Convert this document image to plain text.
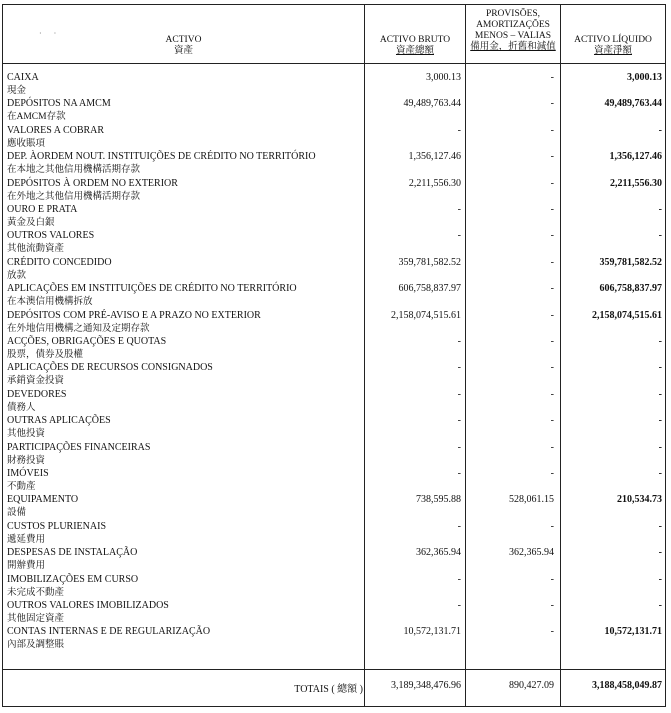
·      ·
ACTIVO
資產
ACTIVO BRUTO
資產總額
PROVISÕES,
AMORTIZAÇÕES
MENOS – VALIAS
備用金，折舊和減值
ACTIVO LÍQUIDO
資產淨額
CAIXA
現金
3,000.13	-	3,000.13
DEPÓSITOS NA AMCM
在AMCM存款
49,489,763.44	-	49,489,763.44
VALORES A COBRAR
應收賬項
-	-	-
DEP. ÀORDEM NOUT. INSTITUIÇÕES DE CRÉDITO NO TERRITÓRIO
在本地之其他信用機構活期存款
1,356,127.46	-	1,356,127.46
DEPÓSITOS À ORDEM NO EXTERIOR
在外地之其他信用機構活期存款
2,211,556.30	-	2,211,556.30
OURO E PRATA
黃金及白銀
-	-	-
OUTROS VALORES
其他流動資產
-	-	-
CRÉDITO CONCEDIDO
放款
359,781,582.52	-	359,781,582.52
APLICAÇÕES EM INSTITUIÇÕES DE CRÉDITO NO TERRITÓRIO
在本澳信用機構拆放
606,758,837.97	-	606,758,837.97
DEPÓSITOS COM PRÉ-AVISO E A PRAZO NO EXTERIOR
在外地信用機構之通知及定期存款
2,158,074,515.61	-	2,158,074,515.61
ACÇÕES, OBRIGAÇÕES E QUOTAS
股票，債券及股權
-	-	-
APLICAÇÕES DE RECURSOS CONSIGNADOS
承銷資金投資
-	-	-
DEVEDORES
債務人
-	-	-
OUTRAS APLICAÇÕES
其他投資
-	-	-
PARTICIPAÇÕES FINANCEIRAS
財務投資
-	-	-
IMÓVEIS
不動產
-	-	-
EQUIPAMENTO
設備
738,595.88	528,061.15	210,534.73
CUSTOS PLURIENAIS
遞延費用
-	-	-
DESPESAS DE INSTALAÇÃO
開辦費用
362,365.94	362,365.94	-
IMOBILIZAÇÕES EM CURSO
未完成不動產
-	-	-
OUTROS VALORES IMOBILIZADOS
其他固定資產
-	-	-
CONTAS INTERNAS E DE REGULARIZAÇÃO
內部及調整賬
10,572,131.71	-	10,572,131.71
TOTAIS ( 總額 )	3,189,348,476.96	890,427.09	3,188,458,049.87
